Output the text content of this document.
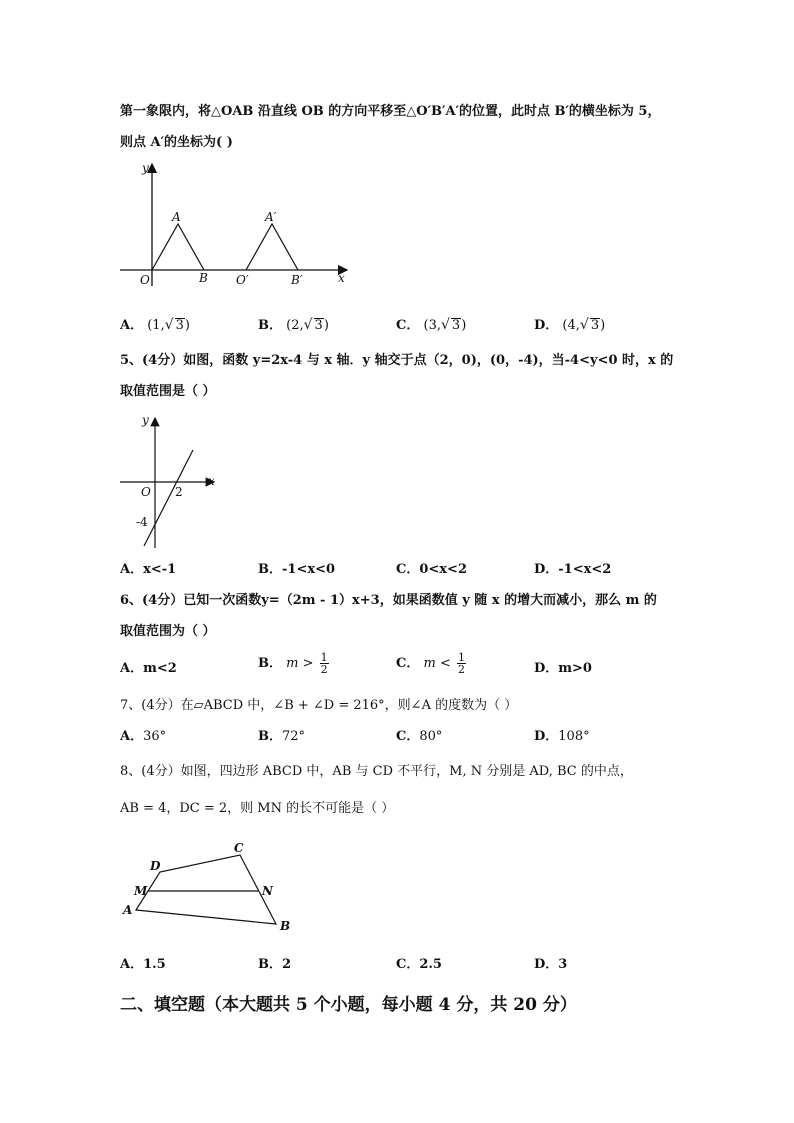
第一象限内，将△OAB 沿直线 OB 的方向平移至△O′B′A′的位置，此时点 B′的横坐标为 5，
则点 A′的坐标为( )
y
x
O
A
B O′
A′
B′
A． (1,√ 3)	B． (2,√ 3)	C． (3,√ 3)	D． (4,√ 3)
5、(4分）如图，函数 y=2x-4 与 x 轴．y 轴交于点（2，0)，(0，-4)，当-4<y<0 时，x 的
取值范围是（ ）
y
x
O 2
-4
A．x<-1	B．-1<x<0	C．0<x<2	D．-1<x<2
6、(4分）已知一次函数y=（2m - 1）x+3，如果函数值 y 随 x 的增大而减小，那么 m 的
取值范围为（ ）
A．m<2	B． $m > \frac{1}{2}$	C． $m < \frac{1}{2}$	D．m>0
7、(4分）在▱ABCD 中，∠B + ∠D = 216°，则∠A 的度数为（ ）
A．36°	B．72°	C．80°	D．108°
8、(4分）如图，四边形 ABCD 中，AB 与 CD 不平行，M, N 分别是 AD, BC 的中点，
AB = 4，DC = 2，则 MN 的长不可能是（ ）
A
B
C
D
M	N
A．1.5	B．2	C．2.5	D．3
二、填空题（本大题共 5 个小题，每小题 4 分，共 20 分）
